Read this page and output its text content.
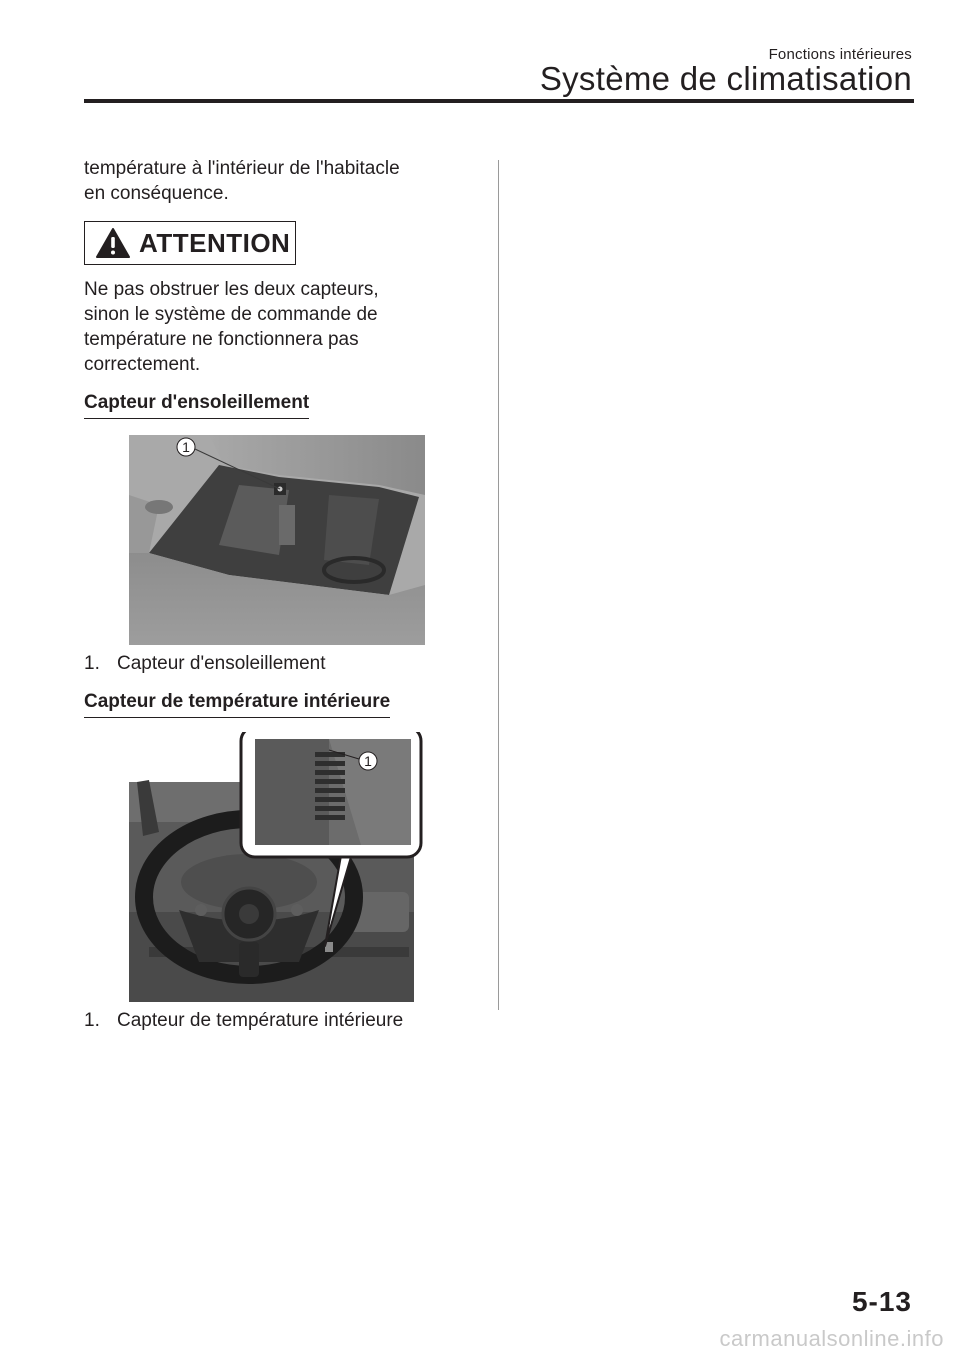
Fonctions intérieures
Système de climatisation

température à l'intérieur de l'habitacle

en conséquence.

ATTENTION

Ne pas obstruer les deux capteurs,

sinon le système de commande de

température ne fonctionnera pas

correctement.

Capteur d'ensoleillement
1
1. Capteur d'ensoleillement
Capteur de température intérieure
1
1. Capteur de température intérieure
5-13
carmanualsonline.info
